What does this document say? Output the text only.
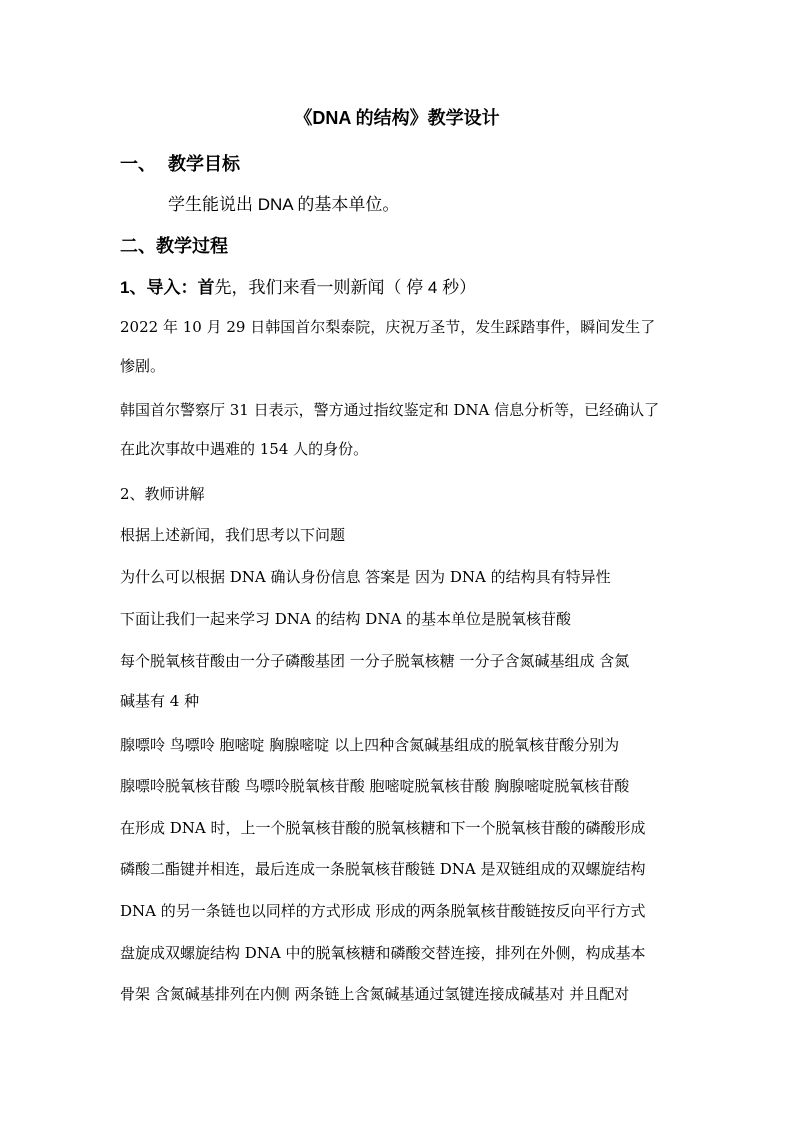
《DNA 的结构》教学设计
一、 教学目标
学生能说出 DNA 的基本单位。
二、教学过程
1、导入：首先，我们来看一则新闻（ 停 4 秒）
2022 年 10 月 29 日韩国首尔梨泰院，庆祝万圣节，发生踩踏事件，瞬间发生了
惨剧。
韩国首尔警察厅 31 日表示，警方通过指纹鉴定和 DNA 信息分析等，已经确认了
在此次事故中遇难的 154 人的身份。
2、教师讲解
根据上述新闻，我们思考以下问题
为什么可以根据 DNA 确认身份信息 答案是 因为 DNA 的结构具有特异性
下面让我们一起来学习 DNA 的结构 DNA 的基本单位是脱氧核苷酸
每个脱氧核苷酸由一分子磷酸基团 一分子脱氧核糖 一分子含氮碱基组成 含氮
碱基有 4 种
腺嘌呤 鸟嘌呤 胞嘧啶 胸腺嘧啶 以上四种含氮碱基组成的脱氧核苷酸分别为
腺嘌呤脱氧核苷酸 鸟嘌呤脱氧核苷酸 胞嘧啶脱氧核苷酸 胸腺嘧啶脱氧核苷酸
在形成 DNA 时，上一个脱氧核苷酸的脱氧核糖和下一个脱氧核苷酸的磷酸形成
磷酸二酯键并相连，最后连成一条脱氧核苷酸链 DNA 是双链组成的双螺旋结构
DNA 的另一条链也以同样的方式形成 形成的两条脱氧核苷酸链按反向平行方式
盘旋成双螺旋结构 DNA 中的脱氧核糖和磷酸交替连接，排列在外侧，构成基本
骨架 含氮碱基排列在内侧 两条链上含氮碱基通过氢键连接成碱基对 并且配对
